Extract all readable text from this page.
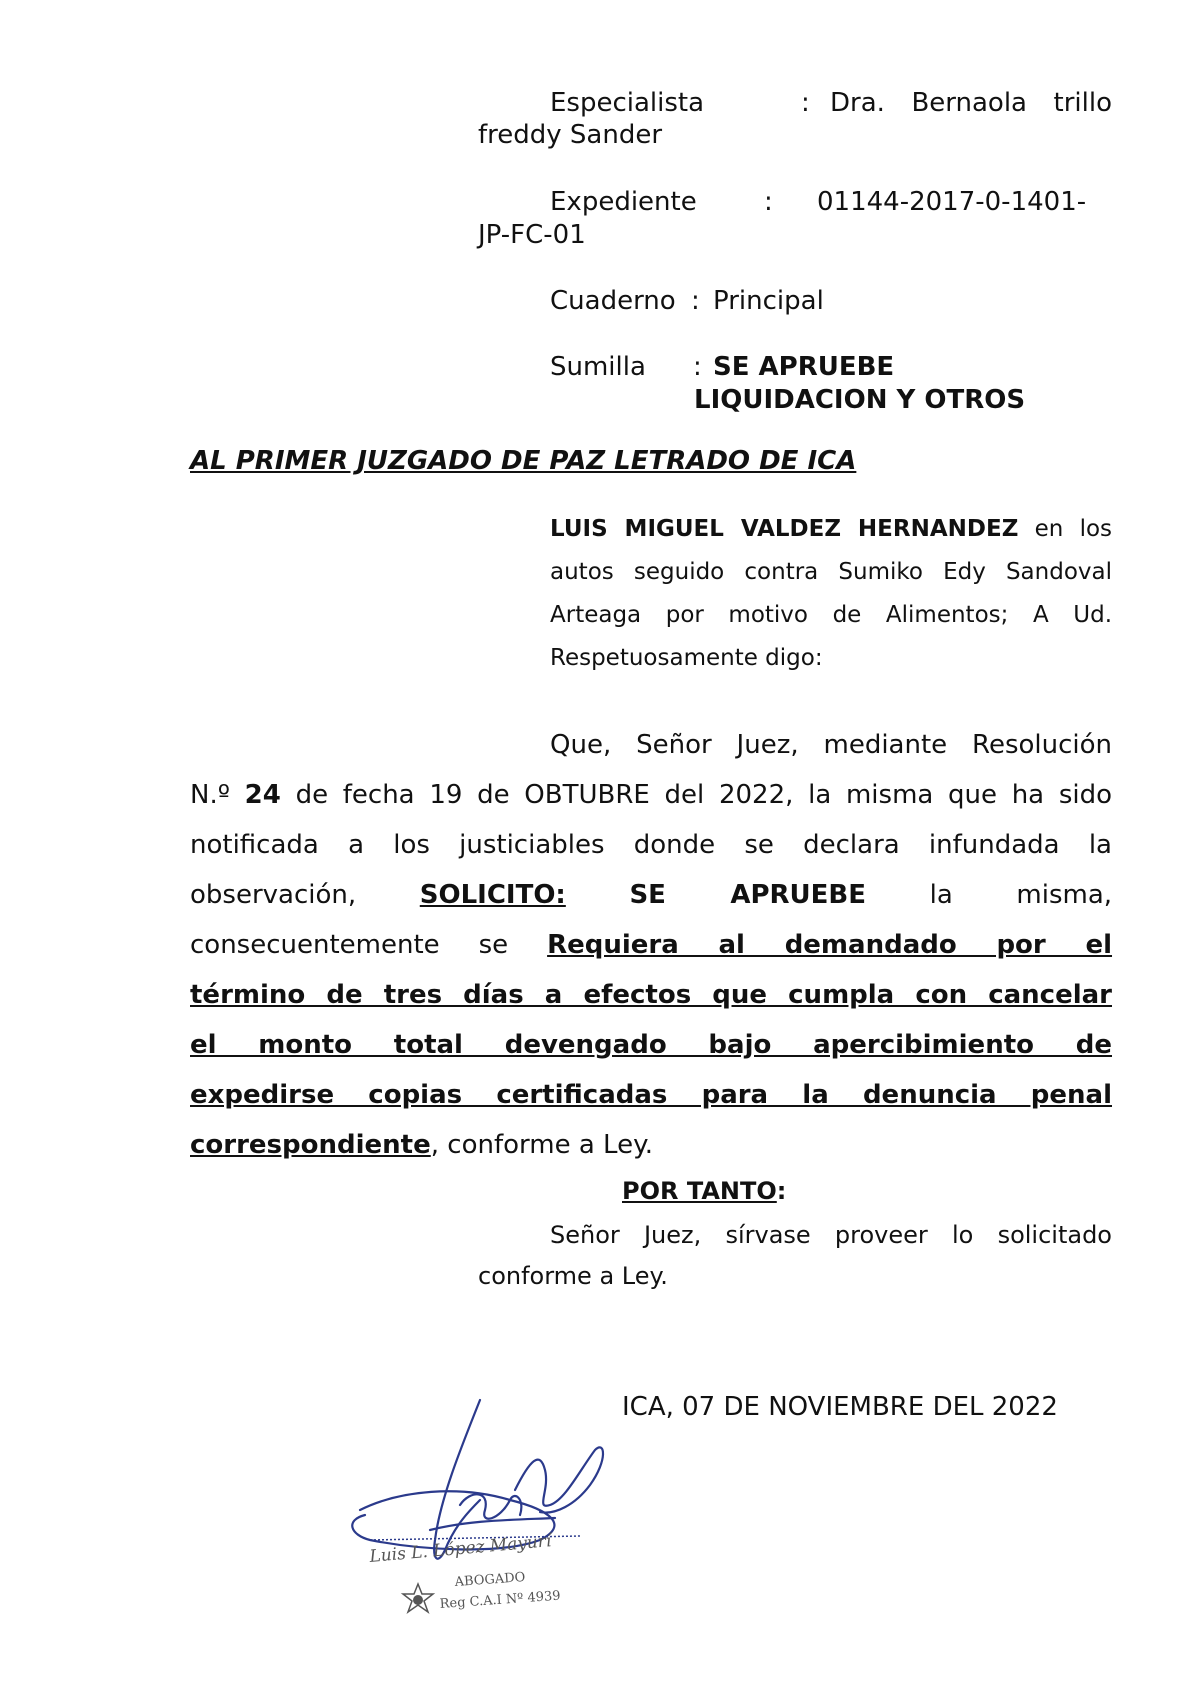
Especialista	: Dra. Bernaola trillo
freddy Sander
Expediente	: 01144-2017-0-1401-
JP-FC-01
Cuaderno : Principal
Sumilla : SE APRUEBE
LIQUIDACION Y OTROS
AL PRIMER JUZGADO DE PAZ LETRADO DE ICA
LUIS MIGUEL VALDEZ HERNANDEZ en los
autos seguido contra Sumiko Edy Sandoval
Arteaga por motivo de Alimentos; A Ud.
Respetuosamente digo:
Que, Señor Juez, mediante Resolución
N.º 24 de fecha 19 de OBTUBRE del 2022, la misma que ha sido
notificada a los justiciables donde se declara infundada la
observación, SOLICITO: SE APRUEBE la misma,
consecuentemente se Requiera al demandado por el
término de tres días a efectos que cumpla con cancelar
el monto total devengado bajo apercibimiento de
expedirse copias certificadas para la denuncia penal
correspondiente, conforme a Ley.
POR TANTO:
Señor Juez, sírvase proveer lo solicitado
conforme a Ley.
ICA, 07 DE NOVIEMBRE DEL 2022
Luis L. López Mayurí
ABOGADO
Reg C.A.I Nº 4939
